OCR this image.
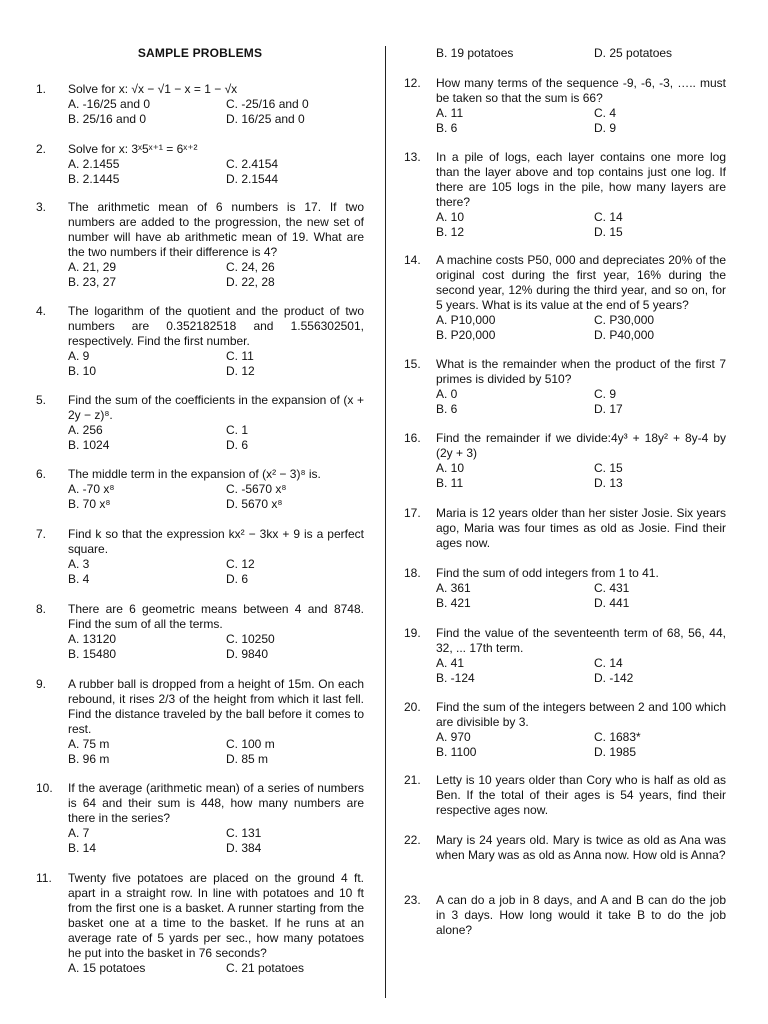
SAMPLE PROBLEMS
1.	Solve for x: √x − √1 − x = 1 − √x
A. -16/25 and 0	C. -25/16 and 0
B. 25/16 and 0	D. 16/25 and 0
2.	Solve for x: 3ˣ5ˣ⁺¹ = 6ˣ⁺²
A. 2.1455	C. 2.4154
B. 2.1445	D. 2.1544
3.	The arithmetic mean of 6 numbers is 17. If two numbers are added to the progression, the new set of number will have ab arithmetic mean of 19. What are the two numbers if their difference is 4?
A. 21, 29	C. 24, 26
B. 23, 27	D. 22, 28
4.	The logarithm of the quotient and the product of two numbers are 0.352182518 and 1.556302501, respectively. Find the first number.
A. 9	C. 11
B. 10	D. 12
5.	Find the sum of the coefficients in the expansion of (x + 2y − z)⁸.
A. 256	C. 1
B. 1024	D. 6
6.	The middle term in the expansion of (x² − 3)⁸ is.
A. -70 x⁸	C. -5670 x⁸
B. 70 x⁸	D. 5670 x⁸
7.	Find k so that the expression kx² − 3kx + 9 is a perfect square.
A. 3	C. 12
B. 4	D. 6
8.	There are 6 geometric means between 4 and 8748. Find the sum of all the terms.
A. 13120	C. 10250
B. 15480	D. 9840
9.	A rubber ball is dropped from a height of 15m. On each rebound, it rises 2/3 of the height from which it last fell. Find the distance traveled by the ball before it comes to rest.
A. 75 m	C. 100 m
B. 96 m	D. 85 m
10.	If the average (arithmetic mean) of a series of numbers is 64 and their sum is 448, how many numbers are there in the series?
A. 7	C. 131
B. 14	D. 384
11.	Twenty five potatoes are placed on the ground 4 ft. apart in a straight row. In line with potatoes and 10 ft from the first one is a basket. A runner starting from the basket one at a time to the basket. If he runs at an average rate of 5 yards per sec., how many potatoes he put into the basket in 76 seconds?
A. 15 potatoes	C. 21 potatoes
B. 19 potatoes	D. 25 potatoes
12.	How many terms of the sequence -9, -6, -3, ….. must be taken so that the sum is 66?
A. 11	C. 4
B. 6	D. 9
13.	In a pile of logs, each layer contains one more log than the layer above and top contains just one log. If there are 105 logs in the pile, how many layers are there?
A. 10	C. 14
B. 12	D. 15
14.	A machine costs P50, 000 and depreciates 20% of the original cost during the first year, 16% during the second year, 12% during the third year, and so on, for 5 years. What is its value at the end of 5 years?
A. P10,000	C. P30,000
B. P20,000	D. P40,000
15.	What is the remainder when the product of the first 7 primes is divided by 510?
A. 0	C. 9
B. 6	D. 17
16.	Find the remainder if we divide:4y³ + 18y² + 8y-4 by (2y + 3)
A. 10	C. 15
B. 11	D. 13
17.	Maria is 12 years older than her sister Josie. Six years ago, Maria was four times as old as Josie. Find their ages now.
18.	Find the sum of odd integers from 1 to 41.
A. 361	C. 431
B. 421	D. 441
19.	Find the value of the seventeenth term of 68, 56, 44, 32, ... 17th term.
A. 41	C. 14
B. -124	D. -142
20.	Find the sum of the integers between 2 and 100 which are divisible by 3.
A. 970	C. 1683*
B. 1100	D. 1985
21.	Letty is 10 years older than Cory who is half as old as Ben. If the total of their ages is 54 years, find their respective ages now.
22.	Mary is 24 years old. Mary is twice as old as Ana was when Mary was as old as Anna now. How old is Anna?
23.	A can do a job in 8 days, and A and B can do the job in 3 days. How long would it take B to do the job alone?
